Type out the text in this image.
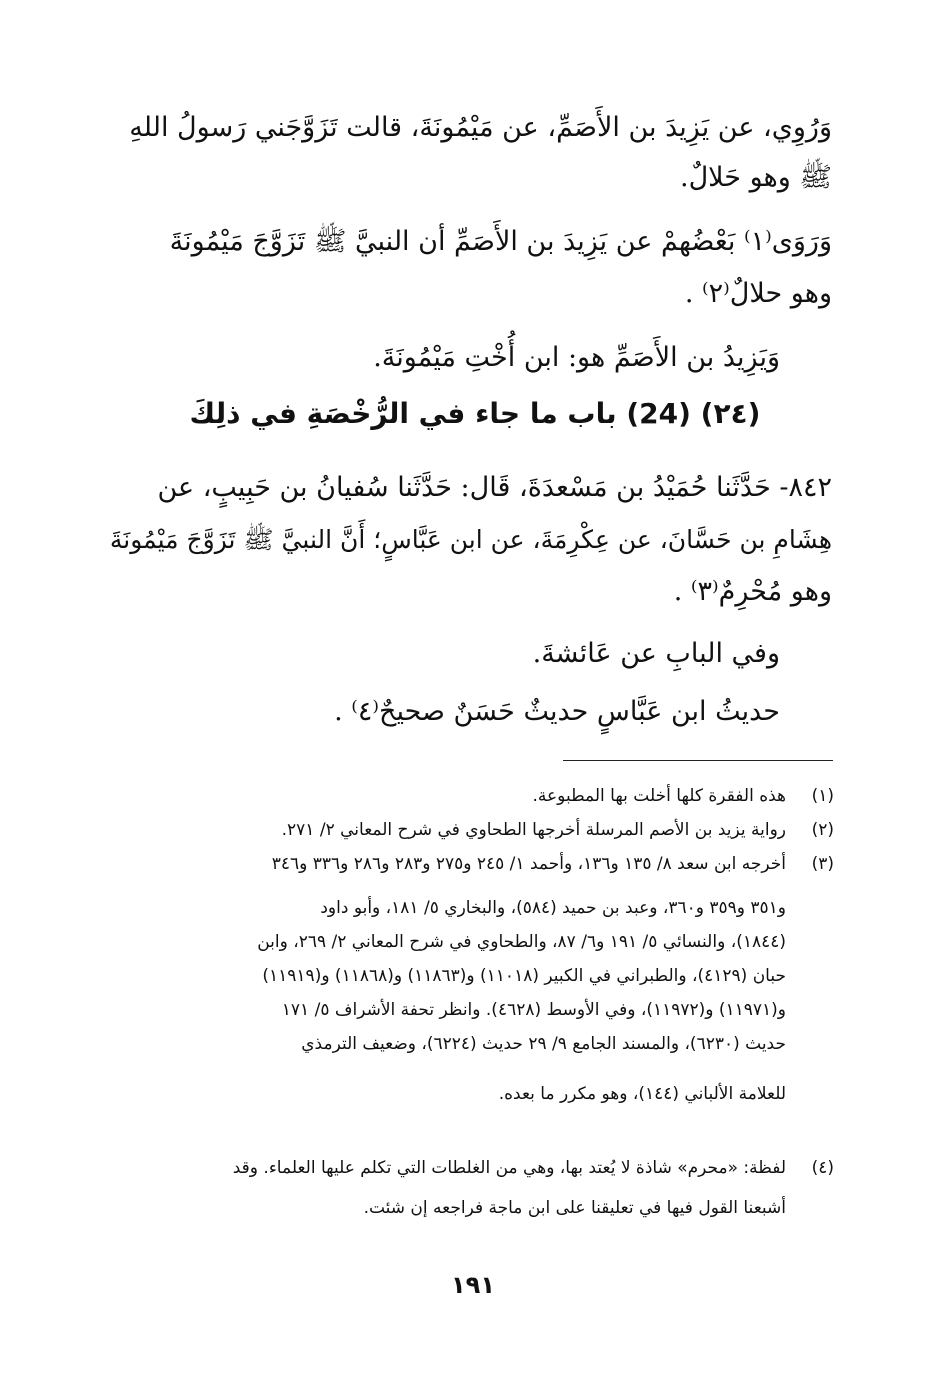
وَرُوِي، عن يَزِيدَ بن الأَصَمِّ، عن مَيْمُونَةَ، قالت تَزَوَّجَني رَسولُ اللهِ
ﷺ وهو حَلالٌ.
وَرَوَى⁽١⁾ بَعْضُهمْ عن يَزِيدَ بن الأَصَمِّ أن النبيَّ ﷺ تَزَوَّجَ مَيْمُونَةَ
وهو حلالٌ⁽٢⁾ .
وَيَزِيدُ بن الأَصَمِّ هو: ابن أُخْتِ مَيْمُونَةَ.
(٢٤) (24) باب ما جاء في الرُّخْصَةِ في ذلِكَ
٨٤٢- حَدَّثَنا حُمَيْدُ بن مَسْعدَةَ، قَال: حَدَّثَنا سُفيانُ بن حَبِيبٍ، عن
هِشَامِ بن حَسَّانَ، عن عِكْرِمَةَ، عن ابن عَبَّاسٍ؛ أَنَّ النبيَّ ﷺ تَزَوَّجَ مَيْمُونَةَ
وهو مُحْرِمٌ⁽٣⁾ .
وفي البابِ عن عَائشةَ.
حديثُ ابن عَبَّاسٍ حديثٌ حَسَنٌ صحيحٌ⁽٤⁾ .
(١)
هذه الفقرة كلها أخلت بها المطبوعة.
(٢)
رواية يزيد بن الأصم المرسلة أخرجها الطحاوي في شرح المعاني ٢/ ٢٧١.
(٣)
أخرجه ابن سعد ٨/ ١٣٥ و١٣٦، وأحمد ١/ ٢٤٥ و٢٧٥ و٢٨٣ و٢٨٦ و٣٣٦ و٣٤٦
و٣٥١ و٣٥٩ و٣٦٠، وعبد بن حميد (٥٨٤)، والبخاري ٥/ ١٨١، وأبو داود
(١٨٤٤)، والنسائي ٥/ ١٩١ و٦/ ٨٧، والطحاوي في شرح المعاني ٢/ ٢٦٩، وابن
حبان (٤١٢٩)، والطبراني في الكبير (١١٠١٨) و(١١٨٦٣) و(١١٨٦٨) و(١١٩١٩)
و(١١٩٧١) و(١١٩٧٢)، وفي الأوسط (٤٦٢٨). وانظر تحفة الأشراف ٥/ ١٧١
حديث (٦٢٣٠)، والمسند الجامع ٩/ ٢٩ حديث (٦٢٢٤)، وضعيف الترمذي
للعلامة الألباني (١٤٤)، وهو مكرر ما بعده.
(٤)
لفظة: «محرم» شاذة لا يُعتد بها، وهي من الغلطات التي تكلم عليها العلماء. وقد
أشبعنا القول فيها في تعليقنا على ابن ماجة فراجعه إن شئت.
١٩١
